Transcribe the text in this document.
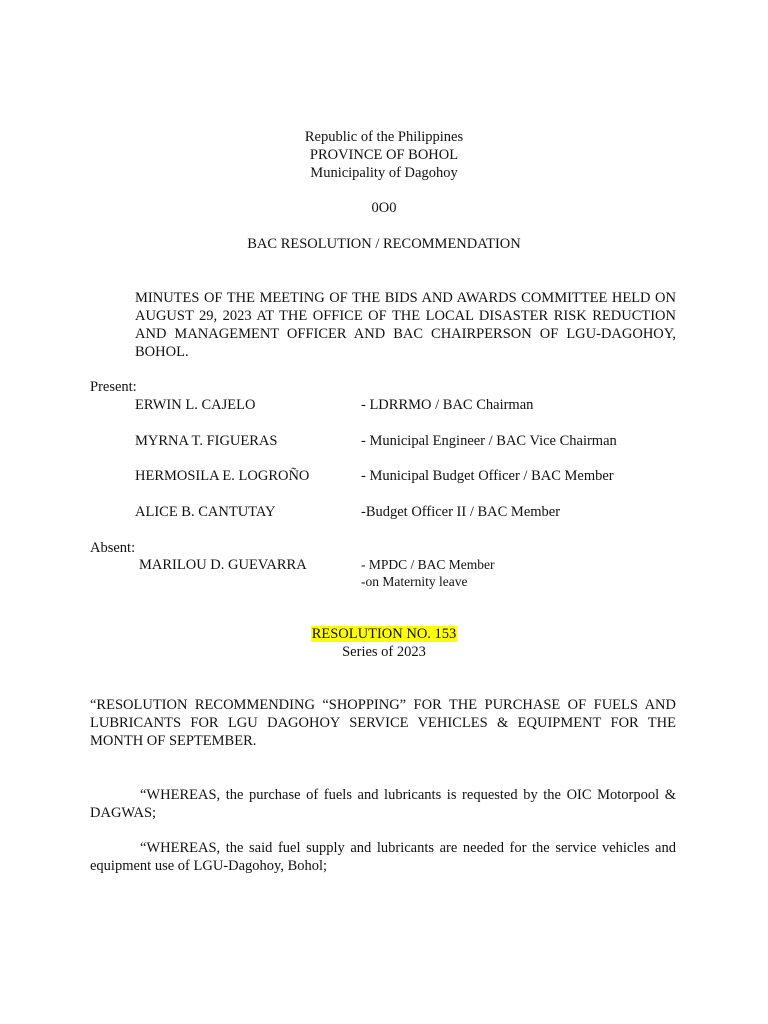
Republic of the Philippines
PROVINCE OF BOHOL
Municipality of Dagohoy
0O0
BAC RESOLUTION / RECOMMENDATION
MINUTES OF THE MEETING OF THE BIDS AND AWARDS COMMITTEE HELD ON AUGUST 29, 2023 AT THE OFFICE OF THE LOCAL DISASTER RISK REDUCTION AND MANAGEMENT OFFICER AND BAC CHAIRPERSON OF LGU-DAGOHOY, BOHOL.
Present:
ERWIN L. CAJELO	- LDRRMO / BAC Chairman
MYRNA T. FIGUERAS	- Municipal Engineer / BAC Vice Chairman
HERMOSILA E. LOGROÑO	- Municipal Budget Officer / BAC Member
ALICE B. CANTUTAY	-Budget Officer II / BAC Member
Absent:
MARILOU D. GUEVARRA	- MPDC / BAC Member
-on Maternity leave
RESOLUTION NO. 153
Series of 2023
“RESOLUTION RECOMMENDING “SHOPPING” FOR THE PURCHASE OF FUELS AND LUBRICANTS FOR LGU DAGOHOY SERVICE VEHICLES & EQUIPMENT FOR THE MONTH OF SEPTEMBER.
“WHEREAS, the purchase of fuels and lubricants is requested by the OIC Motorpool & DAGWAS;
“WHEREAS, the said fuel supply and lubricants are needed for the service vehicles and equipment use of LGU-Dagohoy, Bohol;
